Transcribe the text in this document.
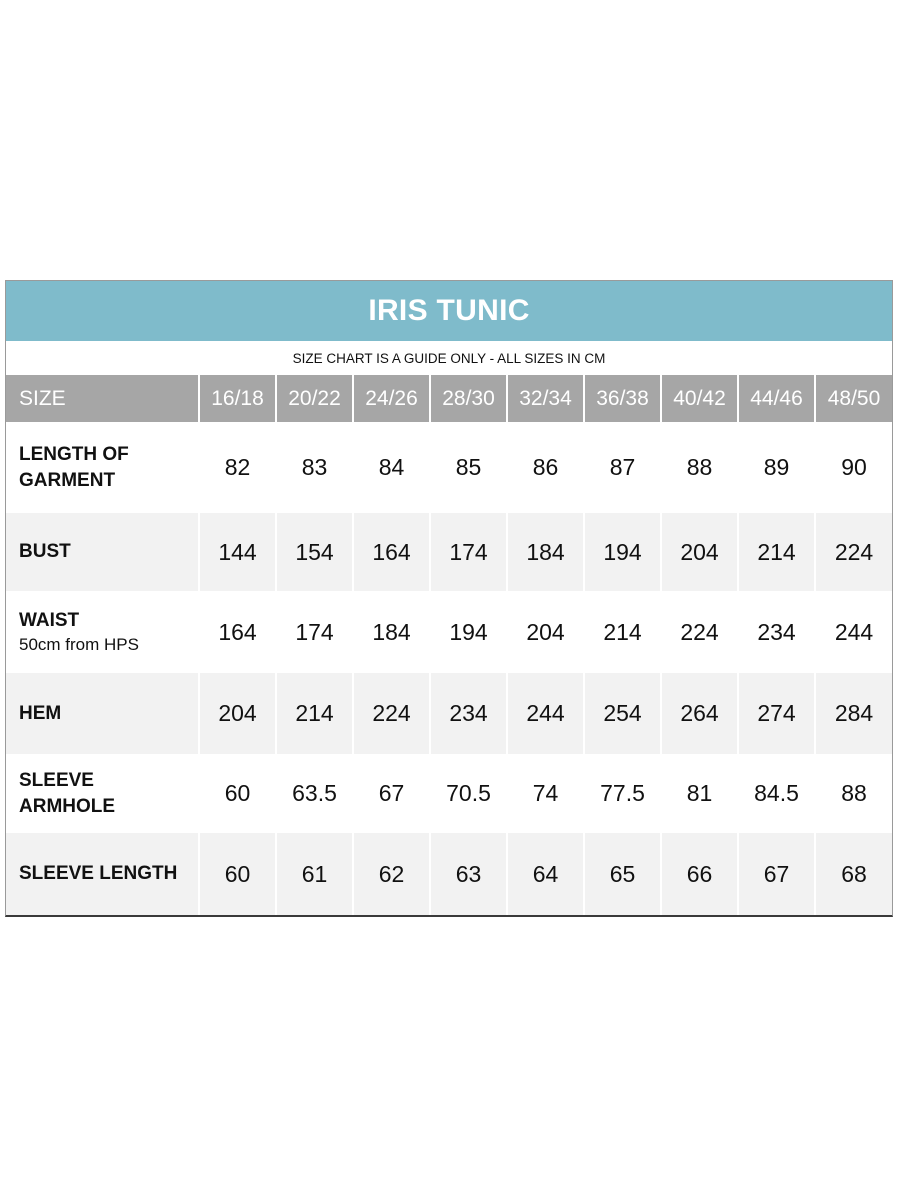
IRIS TUNIC
SIZE CHART IS A GUIDE ONLY - ALL SIZES IN CM
SIZE	16/18	20/22	24/26	28/30	32/34	36/38	40/42	44/46	48/50

LENGTH OF
GARMENT	82	83	84	85	86	87	88	89	90

BUST	144	154	164	174	184	194	204	214	224

WAIST
50cm from HPS	164	174	184	194	204	214	224	234	244

HEM	204	214	224	234	244	254	264	274	284

SLEEVE
ARMHOLE	60	63.5	67	70.5	74	77.5	81	84.5	88

SLEEVE LENGTH	60	61	62	63	64	65	66	67	68
